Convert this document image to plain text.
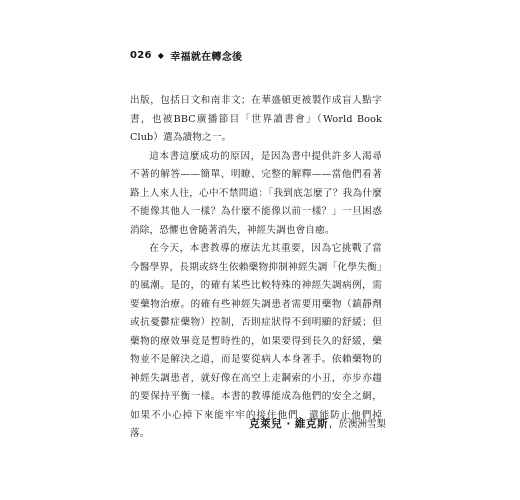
026 ◆ 幸福就在轉念後

出版，包括日文和南非文；在華盛頓更被製作成盲人點字書，也被BBC廣播節目「世界讀書會」（World Book Club）選為讀物之一。

這本書這麼成功的原因，是因為書中提供許多人渴尋不著的解答——簡單、明瞭、完整的解釋——當他們看著路上人來人往，心中不禁問道：「我到底怎麼了？我為什麼不能像其他人一樣？為什麼不能像以前一樣？」一旦困惑消除，恐懼也會隨著消失，神經失調也會自癒。

在今天，本書教導的療法尤其重要，因為它挑戰了當今醫學界，長期或終生依賴藥物抑制神經失調「化學失衡」的風潮。是的，的確有某些比較特殊的神經失調病例，需要藥物治療。的確有些神經失調患者需要用藥物（鎮靜劑或抗憂鬱症藥物）控制，否則症狀得不到明顯的舒緩；但藥物的療效畢竟是暫時性的，如果要得到長久的舒緩，藥物並不是解決之道，而是要從病人本身著手。依賴藥物的神經失調患者，就好像在高空上走鋼索的小丑，亦步亦趨的要保持平衡一樣。本書的教導能成為他們的安全之網，如果不小心掉下來能牢牢的接住他們，還能防止他們掉落。

克萊兒 · 維克斯 ，於澳洲雪梨
